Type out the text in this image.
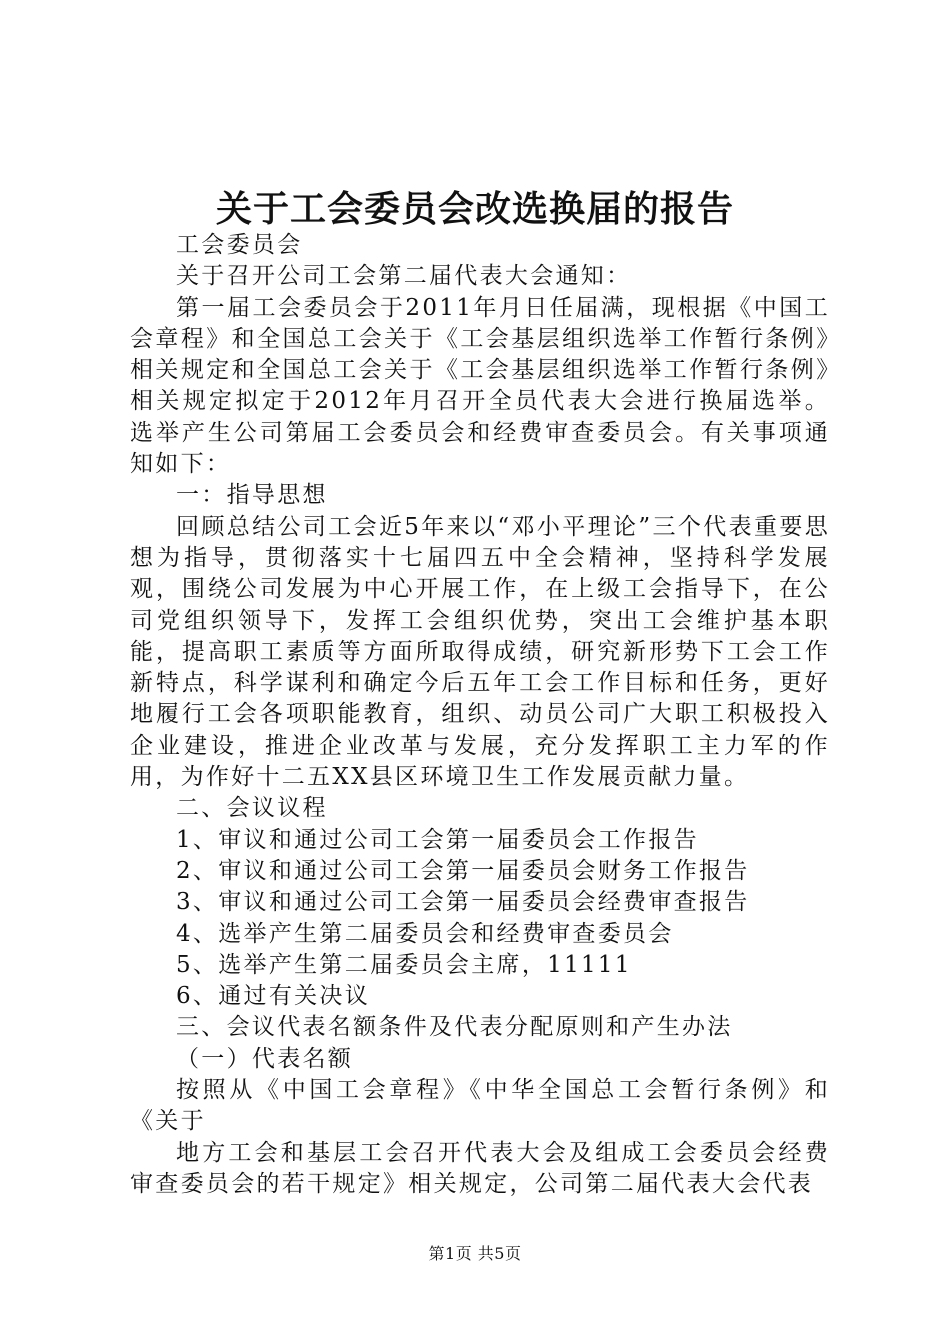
关于工会委员会改选换届的报告

工会委员会

关于召开公司工会第二届代表大会通知：

第一届工会委员会于2011年月日任届满，现根据《中国工会章程》和全国总工会关于《工会基层组织选举工作暂行条例》相关规定和全国总工会关于《工会基层组织选举工作暂行条例》相关规定拟定于2012年月召开全员代表大会进行换届选举。选举产生公司第届工会委员会和经费审查委员会。有关事项通知如下：

一：指导思想

回顾总结公司工会近5年来以“邓小平理论”三个代表重要思想为指导，贯彻落实十七届四五中全会精神，坚持科学发展观，围绕公司发展为中心开展工作，在上级工会指导下，在公司党组织领导下，发挥工会组织优势，突出工会维护基本职能，提高职工素质等方面所取得成绩，研究新形势下工会工作新特点，科学谋利和确定今后五年工会工作目标和任务，更好地履行工会各项职能教育，组织、动员公司广大职工积极投入企业建设，推进企业改革与发展，充分发挥职工主力军的作用，为作好十二五XX县区环境卫生工作发展贡献力量。

二、会议议程

1、审议和通过公司工会第一届委员会工作报告

2、审议和通过公司工会第一届委员会财务工作报告

3、审议和通过公司工会第一届委员会经费审查报告

4、选举产生第二届委员会和经费审查委员会

5、选举产生第二届委员会主席，11111

6、通过有关决议

三、会议代表名额条件及代表分配原则和产生办法

（一）代表名额

按照从《中国工会章程》《中华全国总工会暂行条例》和《关于

地方工会和基层工会召开代表大会及组成工会委员会经费审查委员会的若干规定》相关规定，公司第二届代表大会代表

第1页 共5页
